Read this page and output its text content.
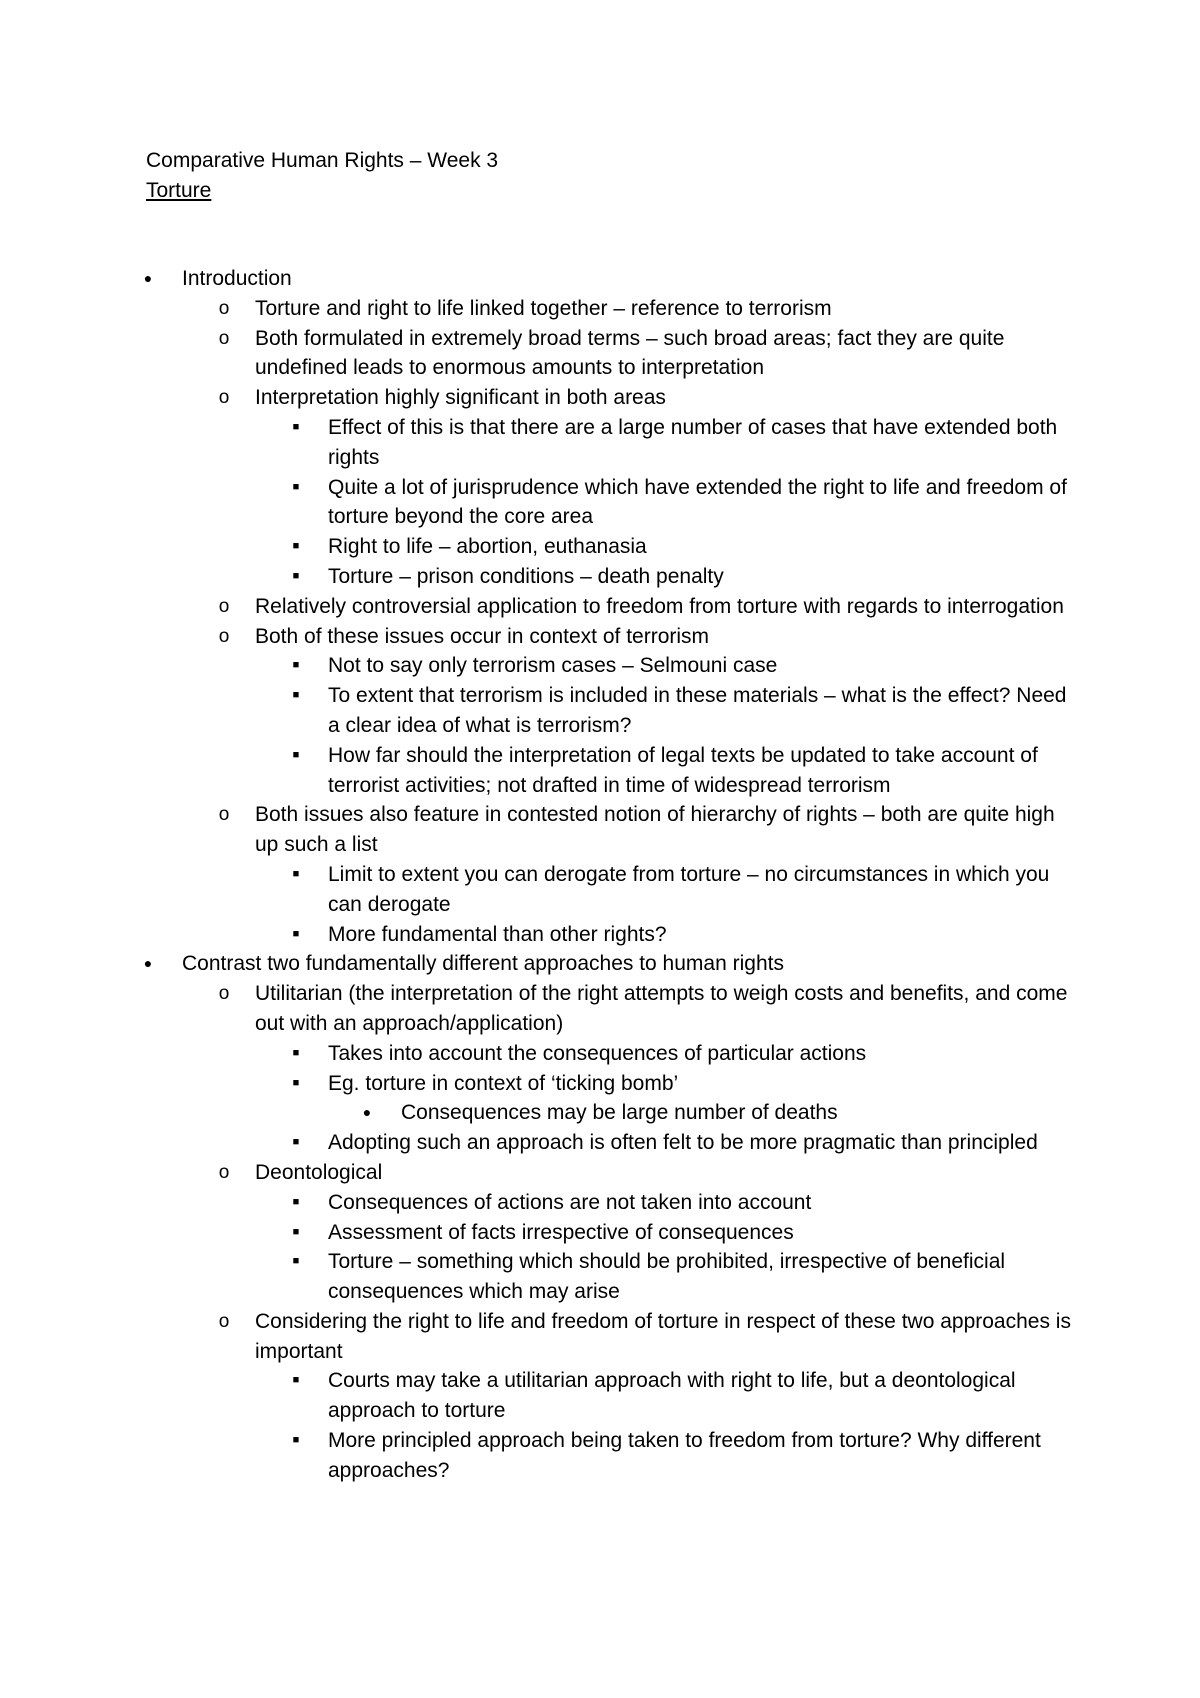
Comparative Human Rights – Week 3
Torture
● Introduction
o Torture and right to life linked together – reference to terrorism
o Both formulated in extremely broad terms – such broad areas; fact they are quite undefined leads to enormous amounts to interpretation
o Interpretation highly significant in both areas
■	Effect of this is that there are a large number of cases that have extended both rights
■	Quite a lot of jurisprudence which have extended the right to life and freedom of torture beyond the core area
■	Right to life – abortion, euthanasia
■	Torture – prison conditions – death penalty
o Relatively controversial application to freedom from torture with regards to interrogation
o Both of these issues occur in context of terrorism
■	Not to say only terrorism cases – Selmouni case
■	To extent that terrorism is included in these materials – what is the effect? Need a clear idea of what is terrorism?
■	How far should the interpretation of legal texts be updated to take account of terrorist activities; not drafted in time of widespread terrorism
o Both issues also feature in contested notion of hierarchy of rights – both are quite high up such a list
■	Limit to extent you can derogate from torture – no circumstances in which you can derogate
■	More fundamental than other rights?
● Contrast two fundamentally different approaches to human rights
o Utilitarian (the interpretation of the right attempts to weigh costs and benefits, and come out with an approach/application)
■	Takes into account the consequences of particular actions
■	Eg. torture in context of ‘ticking bomb’
● Consequences may be large number of deaths
■	Adopting such an approach is often felt to be more pragmatic than principled
o Deontological
■	Consequences of actions are not taken into account
■	Assessment of facts irrespective of consequences
■	Torture – something which should be prohibited, irrespective of beneficial consequences which may arise
o Considering the right to life and freedom of torture in respect of these two approaches is important
■	Courts may take a utilitarian approach with right to life, but a deontological approach to torture
■	More principled approach being taken to freedom from torture? Why different approaches?
